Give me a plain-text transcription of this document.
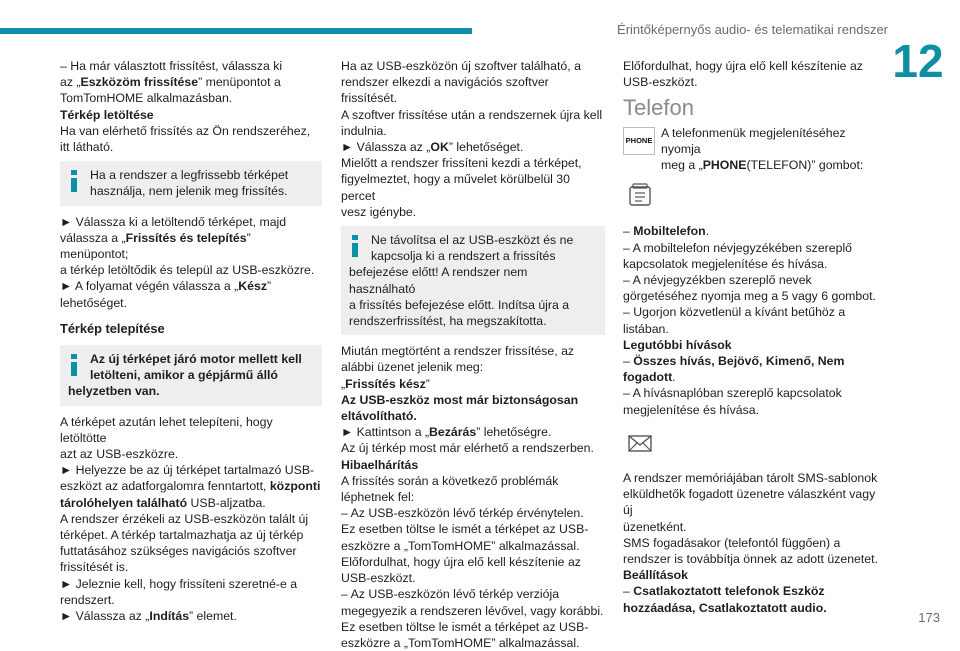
Érintőképernyős audio- és telematikai rendszer
12
173
– Ha már választott frissítést, válassza ki
az „Eszközöm frissítése” menüpontot a
TomTomHOME alkalmazásban.
Térkép letöltése
Ha van elérhető frissítés az Ön rendszeréhez,
itt látható.
Ha a rendszer a legfrissebb térképet
használja, nem jelenik meg frissítés.
► Válassza ki a letöltendő térképet, majd
válassza a „Frissítés és telepítés” menüpontot;
a térkép letöltődik és települ az USB-eszközre.
► A folyamat végén válassza a „Kész”
lehetőséget.
Térkép telepítése
Az új térképet járó motor mellett kell
letölteni, amikor a gépjármű álló
helyzetben van.
A térképet azután lehet telepíteni, hogy letöltötte
azt az USB-eszközre.
► Helyezze be az új térképet tartalmazó USB-
eszközt az adatforgalomra fenntartott, központi
tárolóhelyen található USB-aljzatba.
A rendszer érzékeli az USB-eszközön talált új
térképet. A térkép tartalmazhatja az új térkép
futtatásához szükséges navigációs szoftver
frissítését is.
► Jeleznie kell, hogy frissíteni szeretné-e a
rendszert.
► Válassza az „Indítás” elemet.
Ha az USB-eszközön új szoftver található, a
rendszer elkezdi a navigációs szoftver frissítését.
A szoftver frissítése után a rendszernek újra kell
indulnia.
► Válassza az „OK” lehetőséget.
Mielőtt a rendszer frissíteni kezdi a térképet,
figyelmeztet, hogy a művelet körülbelül 30 percet
vesz igénybe.
Ne távolítsa el az USB-eszközt és ne
kapcsolja ki a rendszert a frissítés
befejezése előtt! A rendszer nem használható
a frissítés befejezése előtt. Indítsa újra a
rendszerfrissítést, ha megszakította.
Miután megtörtént a rendszer frissítése, az
alábbi üzenet jelenik meg:
„Frissítés kész”
Az USB-eszköz most már biztonságosan
eltávolítható.
► Kattintson a „Bezárás” lehetőségre.
Az új térkép most már elérhető a rendszerben.
Hibaelhárítás
A frissítés során a következő problémák
léphetnek fel:
– Az USB-eszközön lévő térkép érvénytelen.
Ez esetben töltse le ismét a térképet az USB-
eszközre a „TomTomHOME” alkalmazással.
Előfordulhat, hogy újra elő kell készítenie az
USB-eszközt.
– Az USB-eszközön lévő térkép verziója
megegyezik a rendszeren lévővel, vagy korábbi.
Ez esetben töltse le ismét a térképet az USB-
eszközre a „TomTomHOME” alkalmazással.
Előfordulhat, hogy újra elő kell készítenie az
USB-eszközt.
Telefon
PHONE
A telefonmenük megjelenítéséhez nyomja
meg a „PHONE(TELEFON)” gombot:
– Mobiltelefon.
– A mobiltelefon névjegyzékében szereplő
kapcsolatok megjelenítése és hívása.
– A névjegyzékben szereplő nevek
görgetéséhez nyomja meg a 5 vagy 6 gombot.
– Ugorjon közvetlenül a kívánt betűhöz a
listában.
Legutóbbi hívások
– Összes hívás, Bejövő, Kimenő, Nem
fogadott.
– A hívásnaplóban szereplő kapcsolatok
megjelenítése és hívása.
A rendszer memóriájában tárolt SMS-sablonok
elküldhetők fogadott üzenetre válaszként vagy új
üzenetként.
SMS fogadásakor (telefontól függően) a
rendszer is továbbítja önnek az adott üzenetet.
Beállítások
– Csatlakoztatott telefonok Eszköz
hozzáadása, Csatlakoztatott audio.
